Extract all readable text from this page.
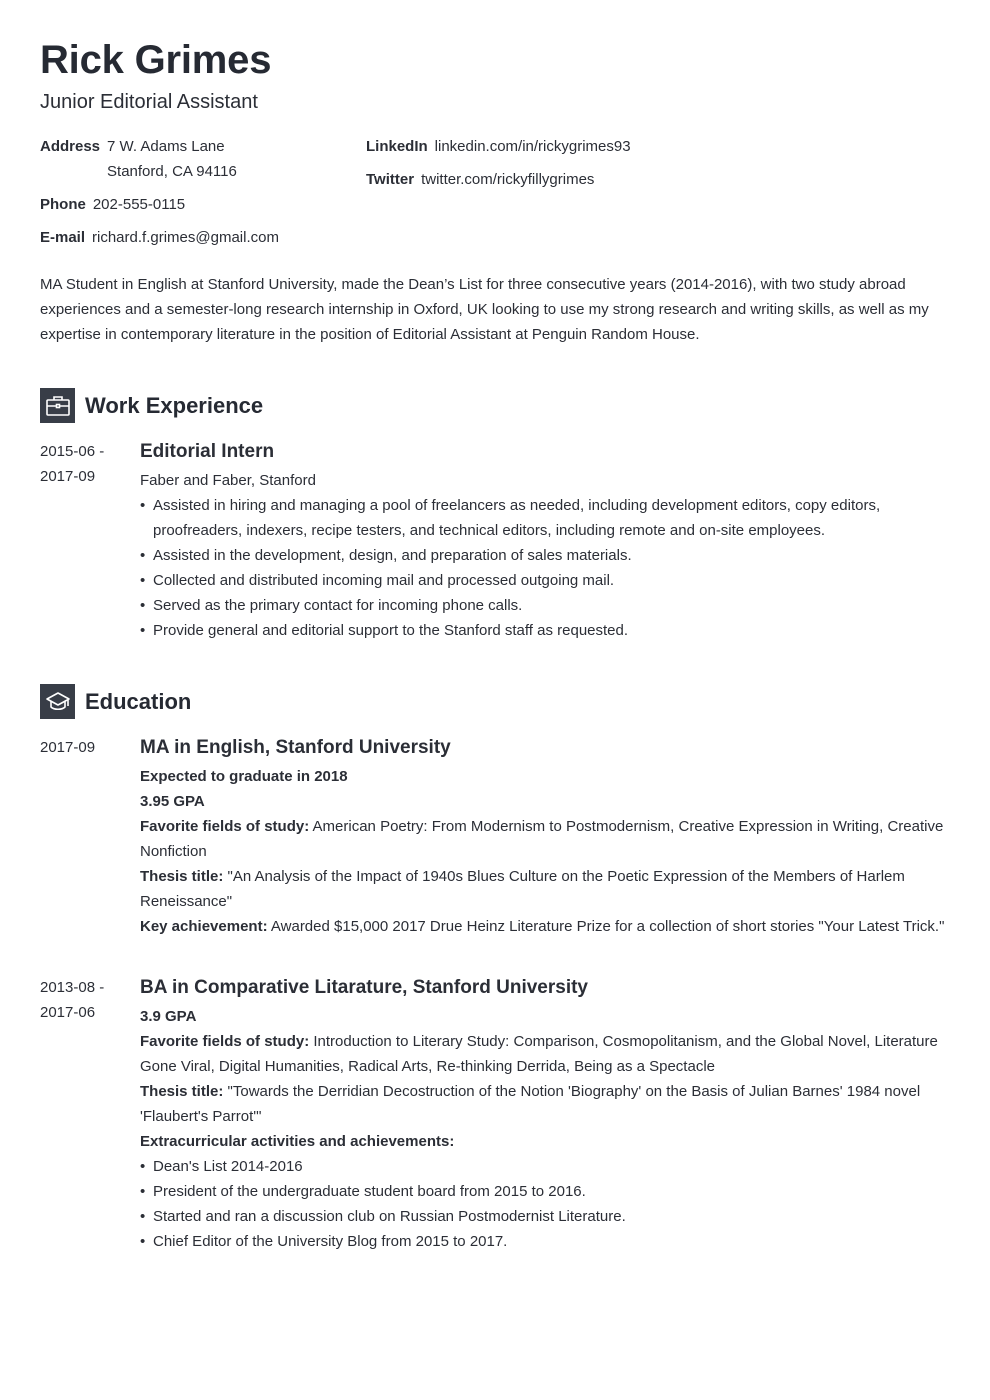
Rick Grimes
Junior Editorial Assistant
Address 7 W. Adams Lane
Stanford, CA 94116
Phone 202-555-0115
E-mail richard.f.grimes@gmail.com
LinkedIn linkedin.com/in/rickygrimes93
Twitter twitter.com/rickyfillygrimes

MA Student in English at Stanford University, made the Dean’s List for three consecutive years (2014-2016), with two study abroad experiences and a semester-long research internship in Oxford, UK looking to use my strong research and writing skills, as well as my expertise in contemporary literature in the position of Editorial Assistant at Penguin Random House.

Work Experience
2015-06 -
2017-09
Editorial Intern
Faber and Faber, Stanford
• Assisted in hiring and managing a pool of freelancers as needed, including development editors, copy editors, proofreaders, indexers, recipe testers, and technical editors, including remote and on-site employees.
• Assisted in the development, design, and preparation of sales materials.
• Collected and distributed incoming mail and processed outgoing mail.
• Served as the primary contact for incoming phone calls.
• Provide general and editorial support to the Stanford staff as requested.
Education
2017-09	MA in English, Stanford University
Expected to graduate in 2018
3.95 GPA
Favorite fields of study: American Poetry: From Modernism to Postmodernism, Creative Expression in Writing, Creative Nonfiction
Thesis title: "An Analysis of the Impact of 1940s Blues Culture on the Poetic Expression of the Members of Harlem Reneissance"
Key achievement: Awarded $15,000 2017 Drue Heinz Literature Prize for a collection of short stories "Your Latest Trick."
2013-08 -
2017-06
BA in Comparative Litarature, Stanford University
3.9 GPA
Favorite fields of study: Introduction to Literary Study: Comparison, Cosmopolitanism, and the Global Novel, Literature Gone Viral, Digital Humanities, Radical Arts, Re-thinking Derrida, Being as a Spectacle
Thesis title: "Towards the Derridian Decostruction of the Notion 'Biography' on the Basis of Julian Barnes' 1984 novel 'Flaubert's Parrot'"
Extracurricular activities and achievements:
• Dean's List 2014-2016
• President of the undergraduate student board from 2015 to 2016.
• Started and ran a discussion club on Russian Postmodernist Literature.
• Chief Editor of the University Blog from 2015 to 2017.
